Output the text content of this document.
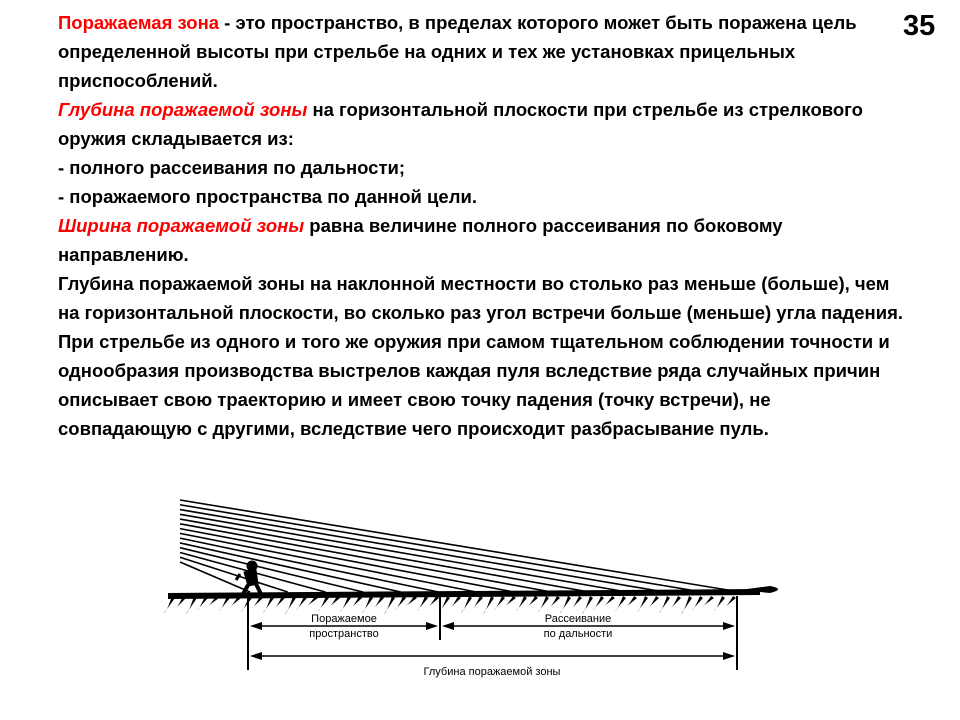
35

Поражаемая зона - это пространство, в пределах которого может быть поражена цель определенной высоты при стрельбе на одних и тех же установках прицельных приспособлений.

Глубина поражаемой зоны на горизонтальной плоскости при стрельбе из стрелкового оружия складывается из:

- полного рассеивания по дальности;

- поражаемого пространства по данной цели.

Ширина поражаемой зоны равна величине полного рассеивания по боковому направлению.

Глубина поражаемой зоны на наклонной местности во столько раз меньше (больше), чем на горизонтальной плоскости, во сколько раз угол встречи больше (меньше) угла падения.

При стрельбе из одного и того же оружия при самом тщательном соблюдении точности и однообразия производства выстрелов каждая пуля вследствие ряда случайных причин описывает свою траекторию и имеет свою точку падения (точку встречи), не совпадающую с другими, вследствие чего происходит разбрасывание пуль.

Поражаемое
пространство
Рассеивание
по дальности
Глубина поражаемой зоны
